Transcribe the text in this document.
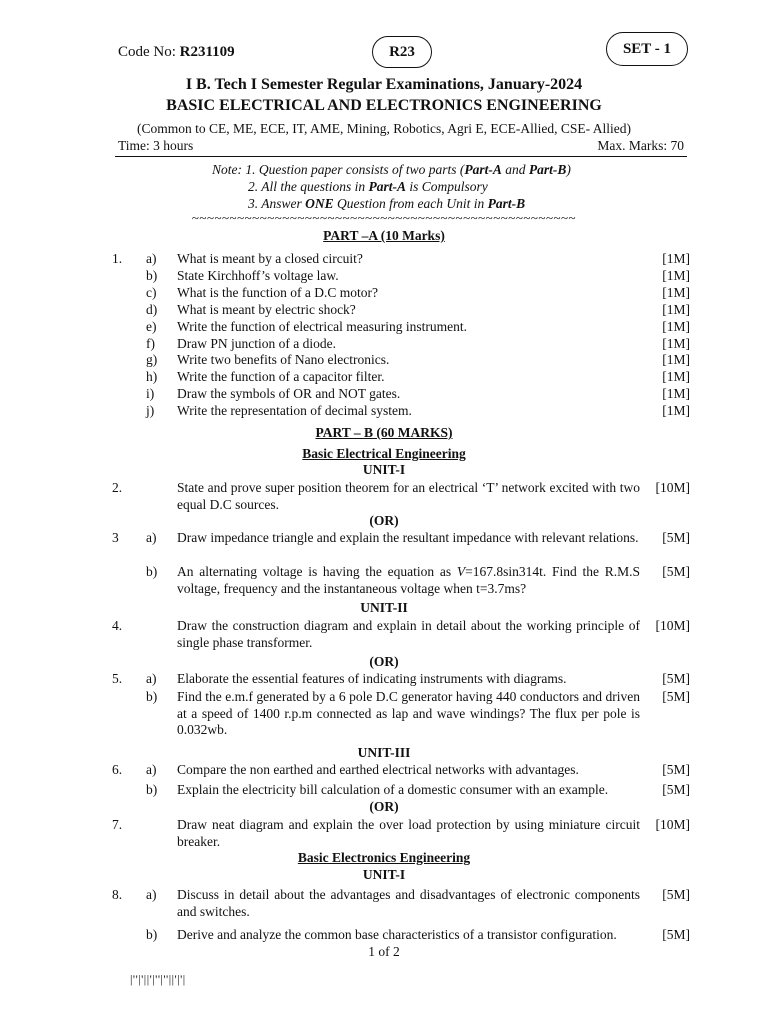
Code No: R231109	R23	SET - 1
I B. Tech I Semester Regular Examinations, January-2024
BASIC ELECTRICAL AND ELECTRONICS ENGINEERING
(Common to CE, ME, ECE, IT, AME, Mining, Robotics, Agri E, ECE-Allied, CSE- Allied)
Time: 3 hours	Max. Marks: 70
Note: 1. Question paper consists of two parts (Part-A and Part-B)
2. All the questions in Part-A is Compulsory
3. Answer ONE Question from each Unit in Part-B
~~~~~~~~~~~~~~~~~~~~~~~~~~~~~~~~~~~~~~~~~~~~~~~~~~~
PART –A (10 Marks)
1. a) What is meant by a closed circuit?	[1M]
b) State Kirchhoff’s voltage law.	[1M]
c) What is the function of a D.C motor?	[1M]
d) What is meant by electric shock?	[1M]
e) Write the function of electrical measuring instrument.	[1M]
f) Draw PN junction of a diode.	[1M]
g) Write two benefits of Nano electronics.	[1M]
h) Write the function of a capacitor filter.	[1M]
i) Draw the symbols of OR and NOT gates.	[1M]
j) Write the representation of decimal system.	[1M]
PART – B (60 MARKS)
Basic Electrical Engineering
UNIT-I
2.	State and prove super position theorem for an electrical ‘T’ network excited with two equal D.C sources.
[10M]
(OR)
3 a) Draw impedance triangle and explain the resultant impedance with relevant relations.	[5M]
b) An alternating voltage is having the equation as V=167.8sin314t. Find the R.M.S voltage, frequency and the instantaneous voltage when t=3.7ms?
[5M]
UNIT-II
4.	Draw the construction diagram and explain in detail about the working principle of single phase transformer.
[10M]
(OR)
5. a) Elaborate the essential features of indicating instruments with diagrams.	[5M]
b) Find the e.m.f generated by a 6 pole D.C generator having 440 conductors and driven at a speed of 1400 r.p.m connected as lap and wave windings? The flux per pole is 0.032wb.
[5M]
UNIT-III
6. a) Compare the non earthed and earthed electrical networks with advantages.	[5M]
b) Explain the electricity bill calculation of a domestic consumer with an example.	[5M]
(OR)
7.	Draw neat diagram and explain the over load protection by using miniature circuit breaker.
[10M]
Basic Electronics Engineering
UNIT-I
8. a) Discuss in detail about the advantages and disadvantages of electronic components and switches.
[5M]
b) Derive and analyze the common base characteristics of a transistor configuration.	[5M]
1 of 2
|''|'||'|''|''||'|'|
